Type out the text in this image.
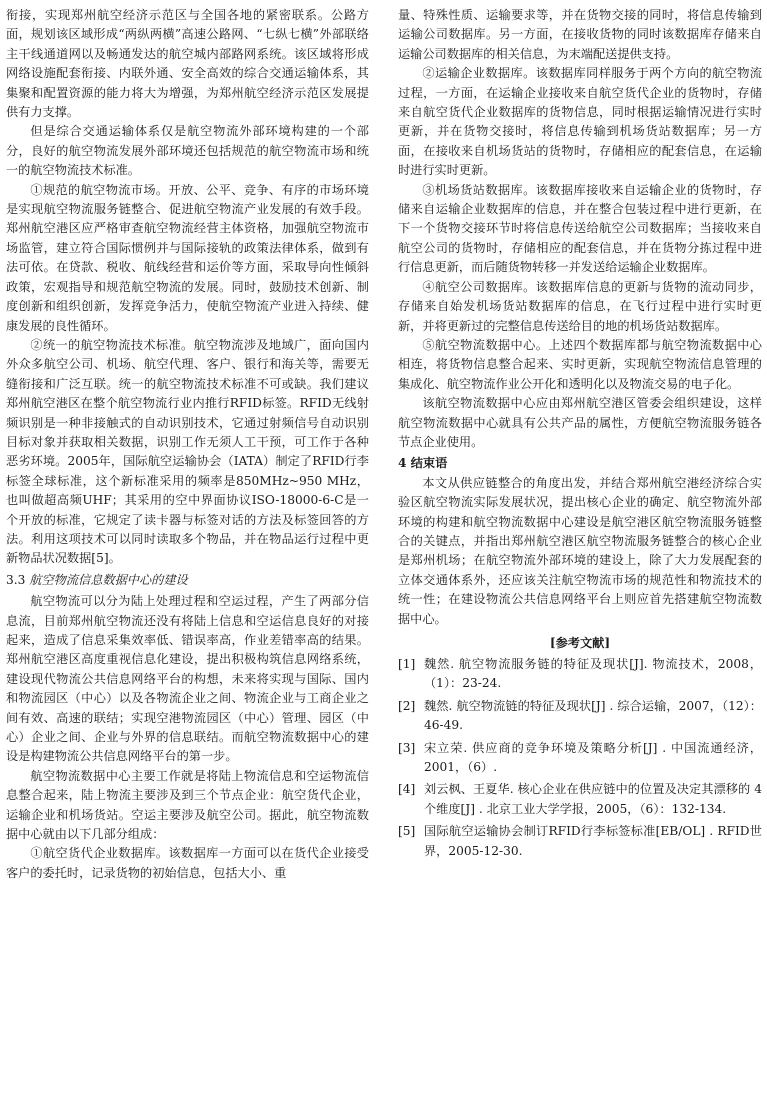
衔接，实现郑州航空经济示范区与全国各地的紧密联系。公路方面，规划该区域形成“两纵两横”高速公路网、“七纵七横”外部联络主干线通道网以及畅通发达的航空城内部路网系统。该区域将形成网络设施配套衔接、内联外通、安全高效的综合交通运输体系，其集聚和配置资源的能力将大为增强，为郑州航空经济示范区发展提供有力支撑。

但是综合交通运输体系仅是航空物流外部环境构建的一个部分，良好的航空物流发展外部环境还包括规范的航空物流市场和统一的航空物流技术标准。

①规范的航空物流市场。开放、公平、竞争、有序的市场环境是实现航空物流服务链整合、促进航空物流产业发展的有效手段。郑州航空港区应严格审查航空物流经营主体资格，加强航空物流市场监管，建立符合国际惯例并与国际接轨的政策法律体系，做到有法可依。在贷款、税收、航线经营和运价等方面，采取导向性倾斜政策，宏观指导和规范航空物流的发展。同时，鼓励技术创新、制度创新和组织创新，发挥竞争活力，使航空物流产业进入持续、健康发展的良性循环。

②统一的航空物流技术标准。航空物流涉及地域广，面向国内外众多航空公司、机场、航空代理、客户、银行和海关等，需要无缝衔接和广泛互联。统一的航空物流技术标准不可或缺。我们建议郑州航空港区在整个航空物流行业内推行RFID标签。RFID无线射频识别是一种非接触式的自动识别技术，它通过射频信号自动识别目标对象并获取相关数据，识别工作无须人工干预，可工作于各种恶劣环境。2005年，国际航空运输协会（IATA）制定了RFID行李标签全球标准，这个新标准采用的频率是850MHz~950 MHz，也叫做超高频UHF；其采用的空中界面协议ISO-18000-6-C是一个开放的标准，它规定了读卡器与标签对话的方法及标签回答的方法。利用这项技术可以同时读取多个物品，并在物品运行过程中更新物品状况数据[5]。

3.3 航空物流信息数据中心的建设

航空物流可以分为陆上处理过程和空运过程，产生了两部分信息流，目前郑州航空物流还没有将陆上信息和空运信息良好的对接起来，造成了信息采集效率低、错误率高，作业差错率高的结果。郑州航空港区高度重视信息化建设，提出积极构筑信息网络系统，建设现代物流公共信息网络平台的构想，未来将实现与国际、国内和物流园区（中心）以及各物流企业之间、物流企业与工商企业之间有效、高速的联结；实现空港物流园区（中心）管理、园区（中心）企业之间、企业与外界的信息联结。而航空物流数据中心的建设是构建物流公共信息网络平台的第一步。

航空物流数据中心主要工作就是将陆上物流信息和空运物流信息整合起来，陆上物流主要涉及到三个节点企业：航空货代企业，运输企业和机场货站。空运主要涉及航空公司。据此，航空物流数据中心就由以下几部分组成：

①航空货代企业数据库。该数据库一方面可以在货代企业接受客户的委托时，记录货物的初始信息，包括大小、重

量、特殊性质、运输要求等，并在货物交接的同时，将信息传输到运输公司数据库。另一方面，在接收货物的同时该数据库存储来自运输公司数据库的相关信息，为末端配送提供支持。

②运输企业数据库。该数据库同样服务于两个方向的航空物流过程，一方面，在运输企业接收来自航空货代企业的货物时，存储来自航空货代企业数据库的货物信息，同时根据运输情况进行实时更新，并在货物交接时，将信息传输到机场货站数据库；另一方面，在接收来自机场货站的货物时，存储相应的配套信息，在运输时进行实时更新。

③机场货站数据库。该数据库接收来自运输企业的货物时，存储来自运输企业数据库的信息，并在整合包装过程中进行更新，在下一个货物交接环节时将信息传送给航空公司数据库；当接收来自航空公司的货物时，存储相应的配套信息，并在货物分拣过程中进行信息更新，而后随货物转移一并发送给运输企业数据库。

④航空公司数据库。该数据库信息的更新与货物的流动同步，存储来自始发机场货站数据库的信息，在飞行过程中进行实时更新，并将更新过的完整信息传送给目的地的机场货站数据库。

⑤航空物流数据中心。上述四个数据库都与航空物流数据中心相连，将货物信息整合起来、实时更新，实现航空物流信息管理的集成化、航空物流作业公开化和透明化以及物流交易的电子化。

该航空物流数据中心应由郑州航空港区管委会组织建设，这样航空物流数据中心就具有公共产品的属性，方便航空物流服务链各节点企业使用。

4 结束语

本文从供应链整合的角度出发，并结合郑州航空港经济综合实验区航空物流实际发展状况，提出核心企业的确定、航空物流外部环境的构建和航空物流数据中心建设是航空港区航空物流服务链整合的关键点，并指出郑州航空港区航空物流服务链整合的核心企业是郑州机场；在航空物流外部环境的建设上，除了大力发展配套的立体交通体系外，还应该关注航空物流市场的规范性和物流技术的统一性；在建设物流公共信息网络平台上则应首先搭建航空物流数据中心。

[参考文献]
[1] 魏然. 航空物流服务链的特征及现状[J]. 物流技术，2008，（1）：23-24.
[2] 魏然. 航空物流链的特征及现状[J] . 综合运输，2007，（12）：46-49.
[3] 宋立荣. 供应商的竞争环境及策略分析[J] . 中国流通经济，2001，（6）.
[4] 刘云枫、王夏华. 核心企业在供应链中的位置及决定其漂移的 4 个维度[J] . 北京工业大学学报，2005，（6）：132-134.
[5] 国际航空运输协会制订RFID行李标签标准[EB/OL] . RFID世界，2005-12-30.
